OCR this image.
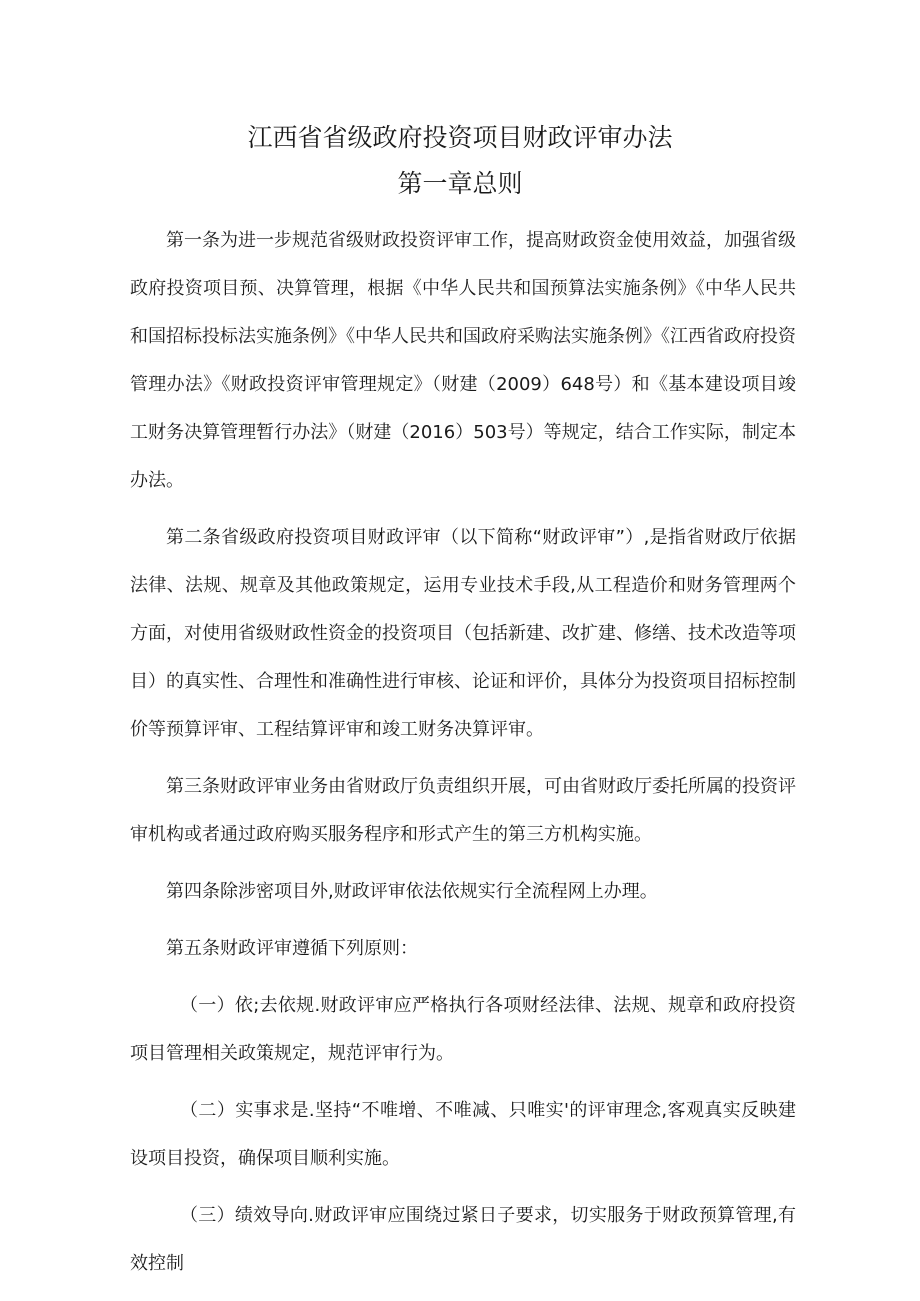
江西省省级政府投资项目财政评审办法
第一章总则

第一条为进一步规范省级财政投资评审工作，提高财政资金使用效益，加强省级政府投资项目预、决算管理，根据《中华人民共和国预算法实施条例》《中华人民共和国招标投标法实施条例》《中华人民共和国政府采购法实施条例》《江西省政府投资管理办法》《财政投资评审管理规定》（财建（2009）648号）和《基本建设项目竣工财务决算管理暂行办法》（财建（2016）503号）等规定，结合工作实际，制定本办法。

第二条省级政府投资项目财政评审（以下简称“财政评审”）,是指省财政厅依据法律、法规、规章及其他政策规定，运用专业技术手段,从工程造价和财务管理两个方面，对使用省级财政性资金的投资项目（包括新建、改扩建、修缮、技术改造等项目）的真实性、合理性和准确性进行审核、论证和评价，具体分为投资项目招标控制价等预算评审、工程结算评审和竣工财务决算评审。

第三条财政评审业务由省财政厅负责组织开展，可由省财政厅委托所属的投资评审机构或者通过政府购买服务程序和形式产生的第三方机构实施。

第四条除涉密项目外,财政评审依法依规实行全流程网上办理。

第五条财政评审遵循下列原则：

（一）依;去依规.财政评审应严格执行各项财经法律、法规、规章和政府投资项目管理相关政策规定，规范评审行为。

（二）实事求是.坚持“不唯增、不唯减、只唯实'的评审理念,客观真实反映建设项目投资，确保项目顺利实施。

（三）绩效导向.财政评审应围绕过紧日子要求，切实服务于财政预算管理,有效控制
